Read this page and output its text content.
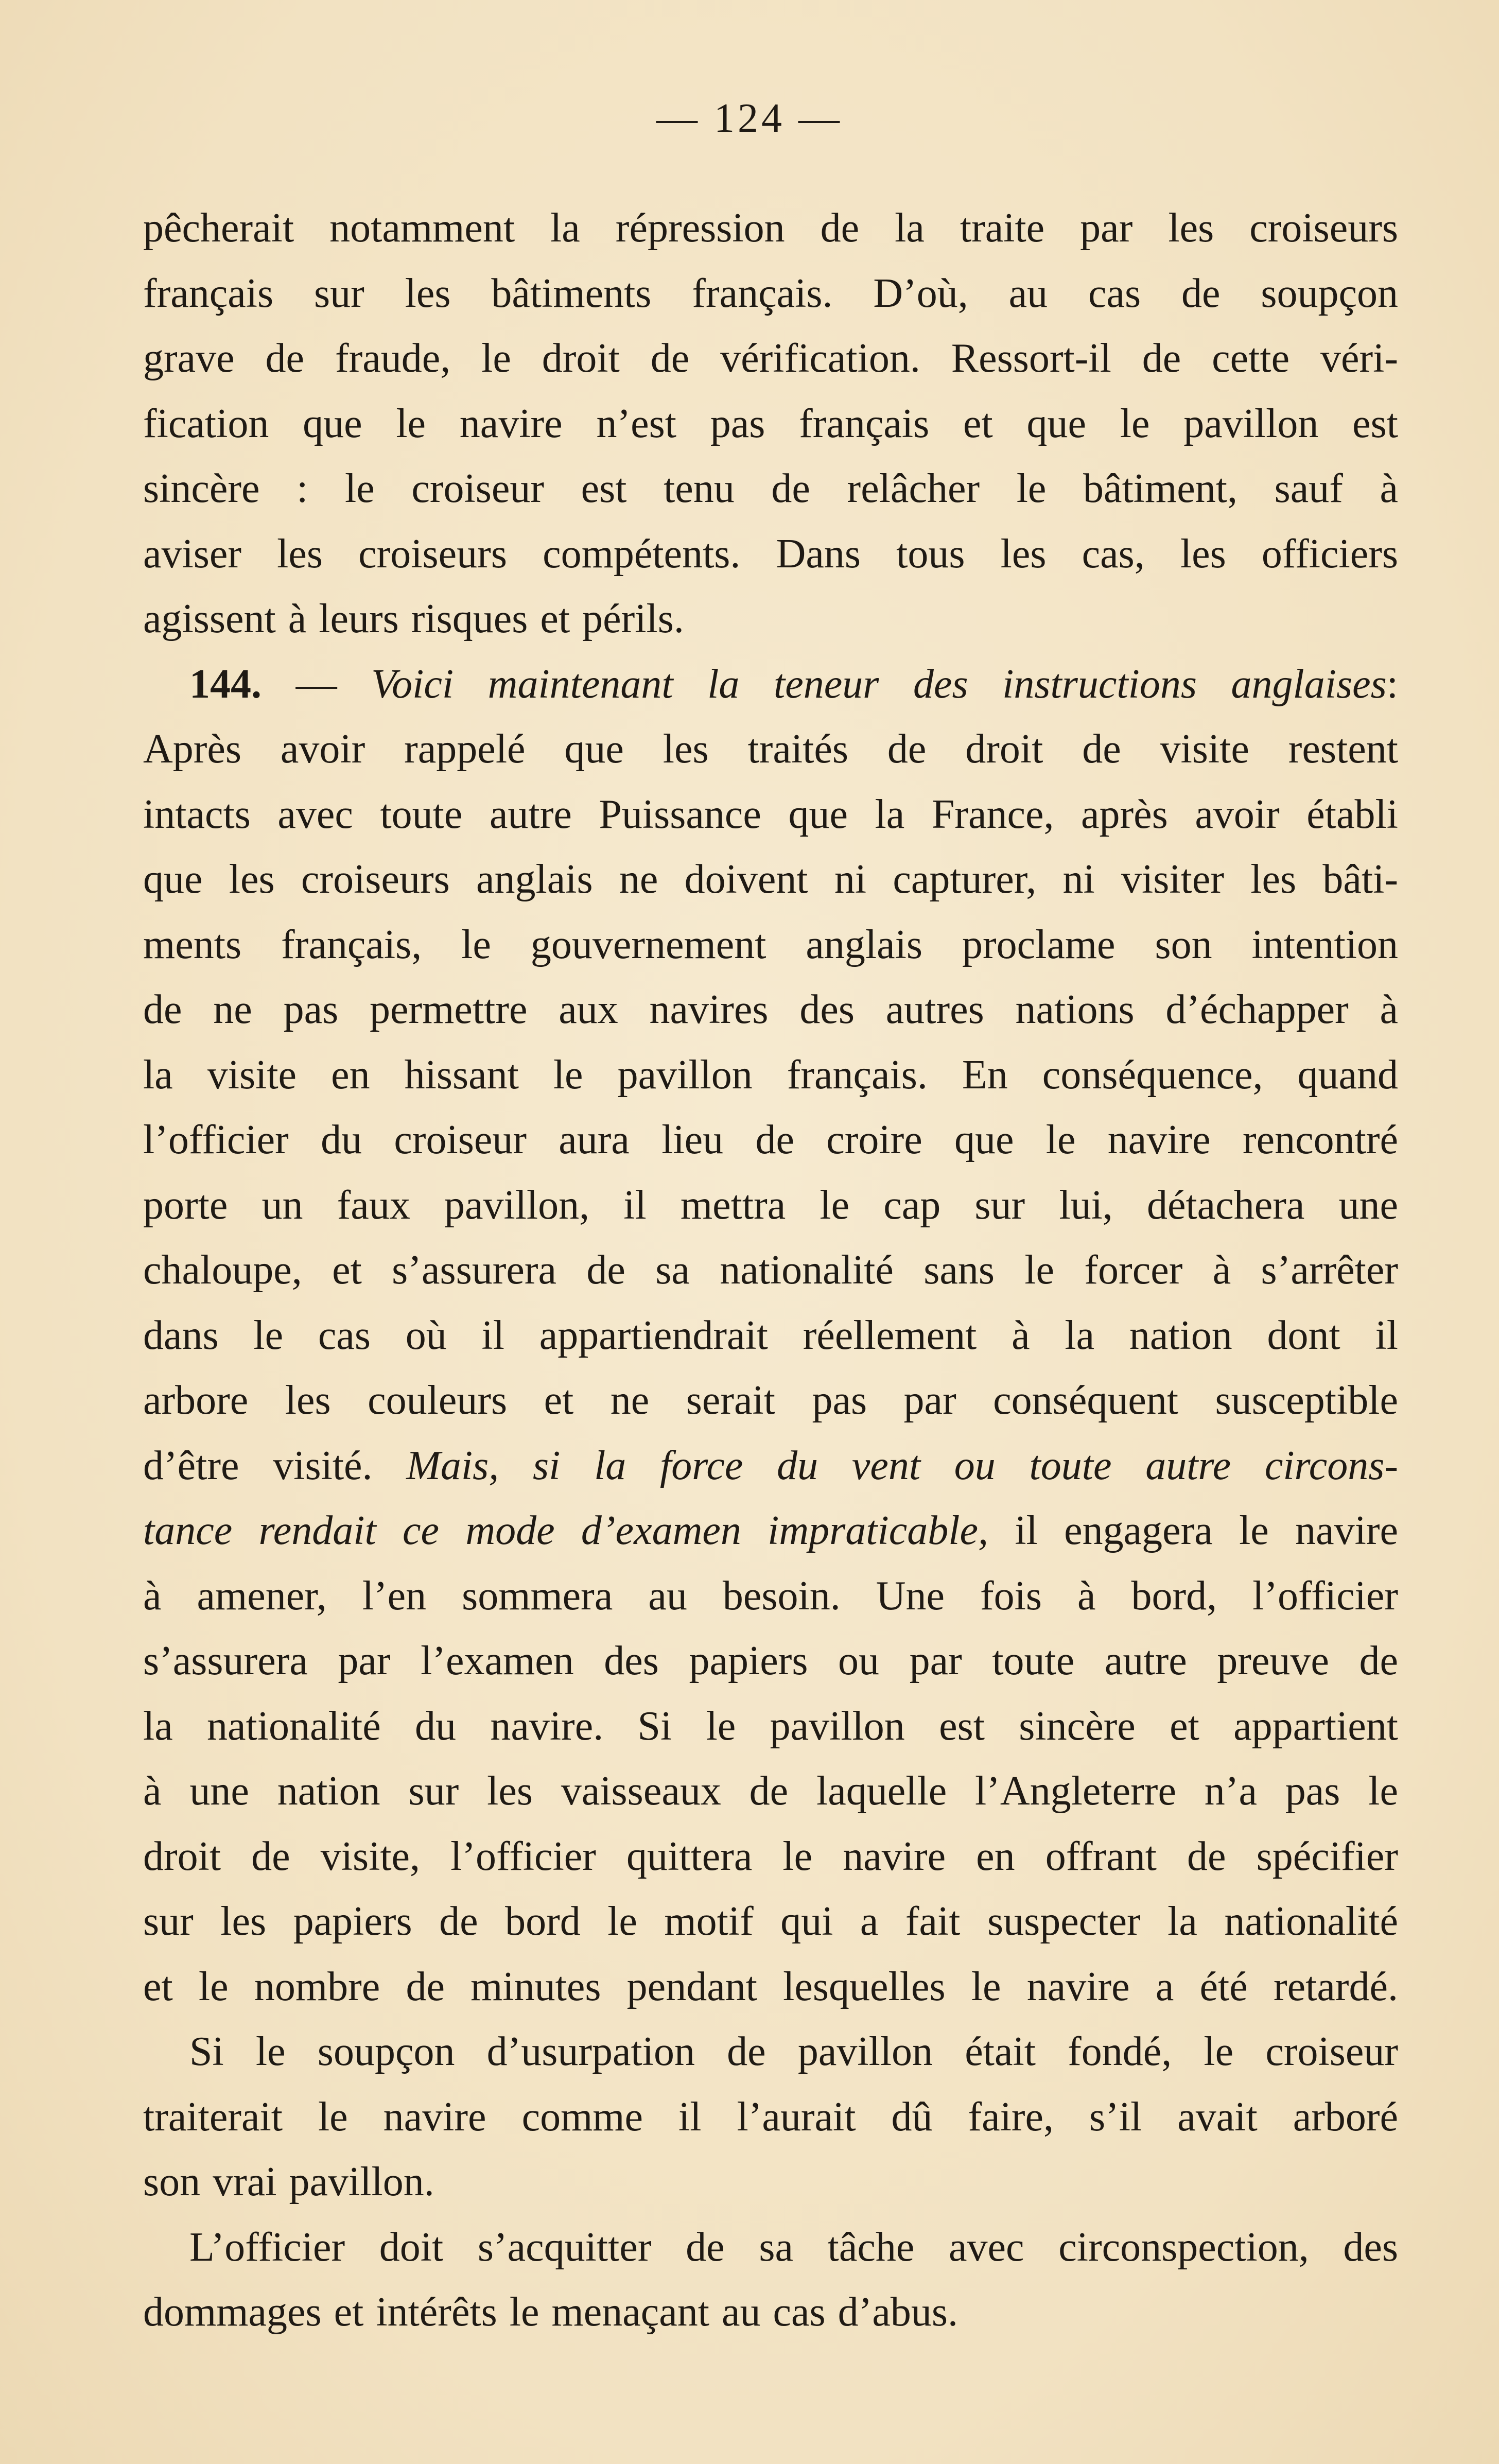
— 124 —
pêcherait notamment la répression de la traite par les croiseurs
français sur les bâtiments français. D’où, au cas de soupçon
grave de fraude, le droit de vérification. Ressort-il de cette véri-
fication que le navire n’est pas français et que le pavillon est
sincère : le croiseur est tenu de relâcher le bâtiment, sauf à
aviser les croiseurs compétents. Dans tous les cas, les officiers
agissent à leurs risques et périls.
144. — Voici maintenant la teneur des instructions anglaises:
Après avoir rappelé que les traités de droit de visite restent
intacts avec toute autre Puissance que la France, après avoir établi
que les croiseurs anglais ne doivent ni capturer, ni visiter les bâti-
ments français, le gouvernement anglais proclame son intention
de ne pas permettre aux navires des autres nations d’échapper à
la visite en hissant le pavillon français. En conséquence, quand
l’officier du croiseur aura lieu de croire que le navire rencontré
porte un faux pavillon, il mettra le cap sur lui, détachera une
chaloupe, et s’assurera de sa nationalité sans le forcer à s’arrêter
dans le cas où il appartiendrait réellement à la nation dont il
arbore les couleurs et ne serait pas par conséquent susceptible
d’être visité. Mais, si la force du vent ou toute autre circons-
tance rendait ce mode d’examen impraticable, il engagera le navire
à amener, l’en sommera au besoin. Une fois à bord, l’officier
s’assurera par l’examen des papiers ou par toute autre preuve de
la nationalité du navire. Si le pavillon est sincère et appartient
à une nation sur les vaisseaux de laquelle l’Angleterre n’a pas le
droit de visite, l’officier quittera le navire en offrant de spécifier
sur les papiers de bord le motif qui a fait suspecter la nationalité
et le nombre de minutes pendant lesquelles le navire a été retardé.
Si le soupçon d’usurpation de pavillon était fondé, le croiseur
traiterait le navire comme il l’aurait dû faire, s’il avait arboré
son vrai pavillon.
L’officier doit s’acquitter de sa tâche avec circonspection, des
dommages et intérêts le menaçant au cas d’abus.
